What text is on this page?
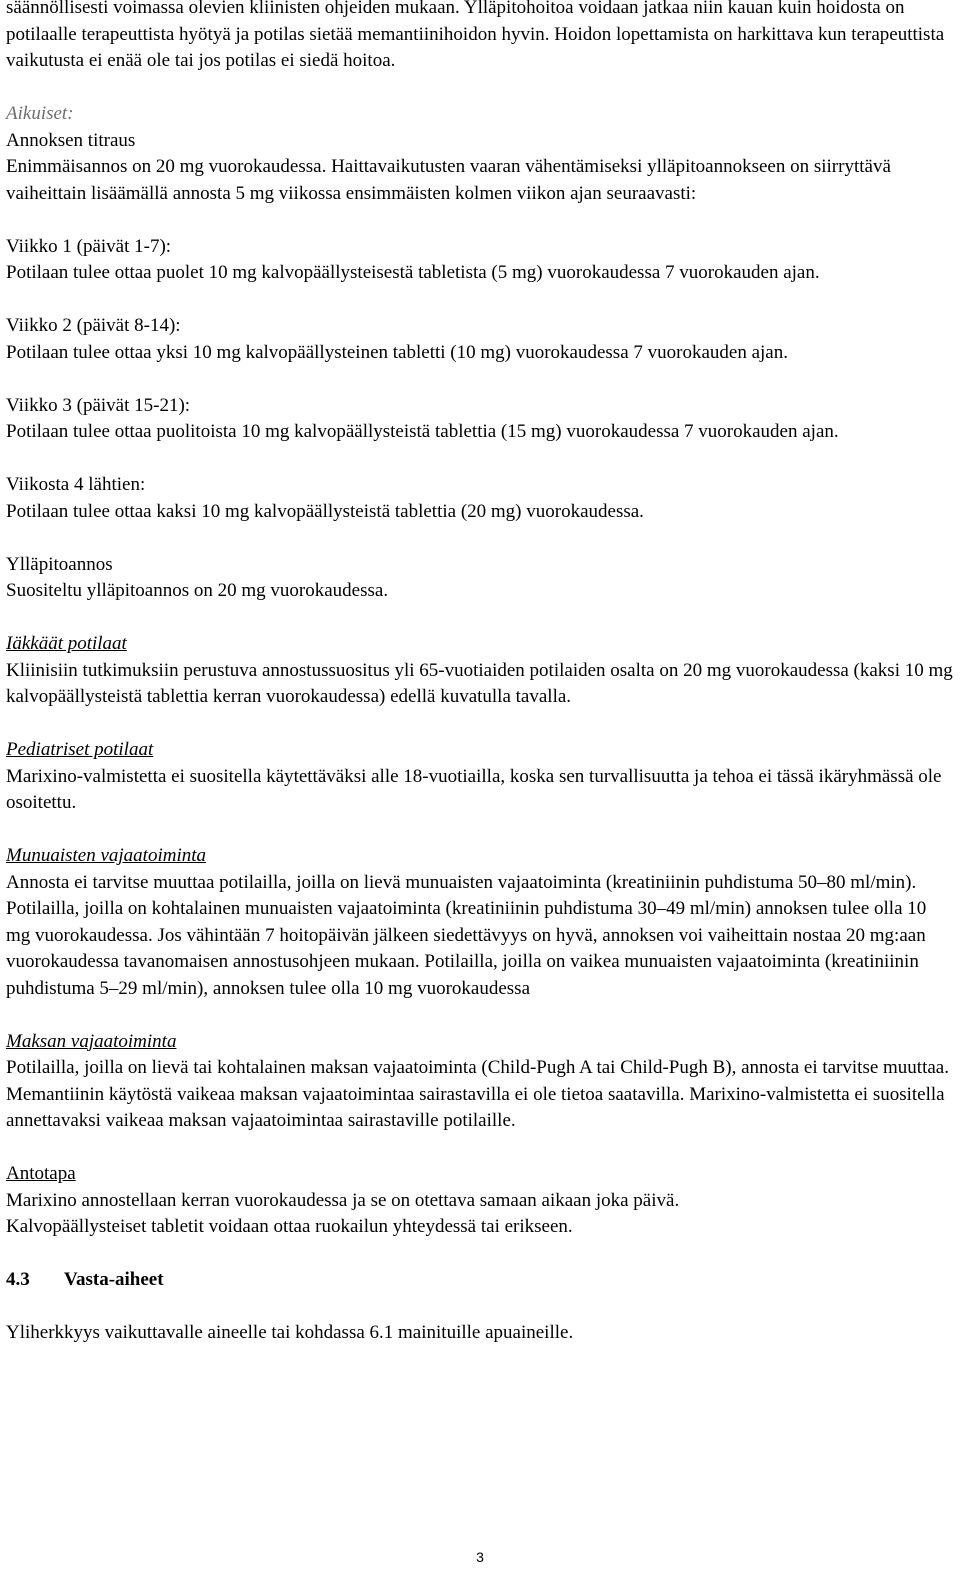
säännöllisesti voimassa olevien kliinisten ohjeiden mukaan. Ylläpitohoitoa voidaan jatkaa niin kauan kuin hoidosta on potilaalle terapeuttista hyötyä ja potilas sietää memantiinihoidon hyvin. Hoidon lopettamista on harkittava kun terapeuttista vaikutusta ei enää ole tai jos potilas ei siedä hoitoa.

Aikuiset:
Annoksen titraus
Enimmäisannos on 20 mg vuorokaudessa. Haittavaikutusten vaaran vähentämiseksi ylläpitoannokseen on siirryttävä vaiheittain lisäämällä annosta 5 mg viikossa ensimmäisten kolmen viikon ajan seuraavasti:

Viikko 1 (päivät 1-7):
Potilaan tulee ottaa puolet 10 mg kalvopäällysteisestä tabletista (5 mg) vuorokaudessa 7 vuorokauden ajan.

Viikko 2 (päivät 8-14):
Potilaan tulee ottaa yksi 10 mg kalvopäällysteinen tabletti (10 mg) vuorokaudessa 7 vuorokauden ajan.

Viikko 3 (päivät 15-21):
Potilaan tulee ottaa puolitoista 10 mg kalvopäällysteistä tablettia (15 mg) vuorokaudessa 7 vuorokauden ajan.

Viikosta 4 lähtien:
Potilaan tulee ottaa kaksi 10 mg kalvopäällysteistä tablettia (20 mg) vuorokaudessa.

Ylläpitoannos
Suositeltu ylläpitoannos on 20 mg vuorokaudessa.

Iäkkäät potilaat
Kliinisiin tutkimuksiin perustuva annostussuositus yli 65-vuotiaiden potilaiden osalta on 20 mg vuorokaudessa (kaksi 10 mg kalvopäällysteistä tablettia kerran vuorokaudessa) edellä kuvatulla tavalla.

Pediatriset potilaat
Marixino-valmistetta ei suositella käytettäväksi alle 18-vuotiailla, koska sen turvallisuutta ja tehoa ei tässä ikäryhmässä ole osoitettu.

Munuaisten vajaatoiminta
Annosta ei tarvitse muuttaa potilailla, joilla on lievä munuaisten vajaatoiminta (kreatiniinin puhdistuma 50–80 ml/min). Potilailla, joilla on kohtalainen munuaisten vajaatoiminta (kreatiniinin puhdistuma 30–49 ml/min) annoksen tulee olla 10 mg vuorokaudessa. Jos vähintään 7 hoitopäivän jälkeen siedettävyys on hyvä, annoksen voi vaiheittain nostaa 20 mg:aan vuorokaudessa tavanomaisen annostusohjeen mukaan. Potilailla, joilla on vaikea munuaisten vajaatoiminta (kreatiniinin puhdistuma 5–29 ml/min), annoksen tulee olla 10 mg vuorokaudessa

Maksan vajaatoiminta
Potilailla, joilla on lievä tai kohtalainen maksan vajaatoiminta (Child-Pugh A tai Child-Pugh B), annosta ei tarvitse muuttaa. Memantiinin käytöstä vaikeaa maksan vajaatoimintaa sairastavilla ei ole tietoa saatavilla. Marixino-valmistetta ei suositella annettavaksi vaikeaa maksan vajaatoimintaa sairastaville potilaille.

Antotapa
Marixino annostellaan kerran vuorokaudessa ja se on otettava samaan aikaan joka päivä.
Kalvopäällysteiset tabletit voidaan ottaa ruokailun yhteydessä tai erikseen.

4.3 Vasta-aiheet

Yliherkkyys vaikuttavalle aineelle tai kohdassa 6.1 mainituille apuaineille.

3
